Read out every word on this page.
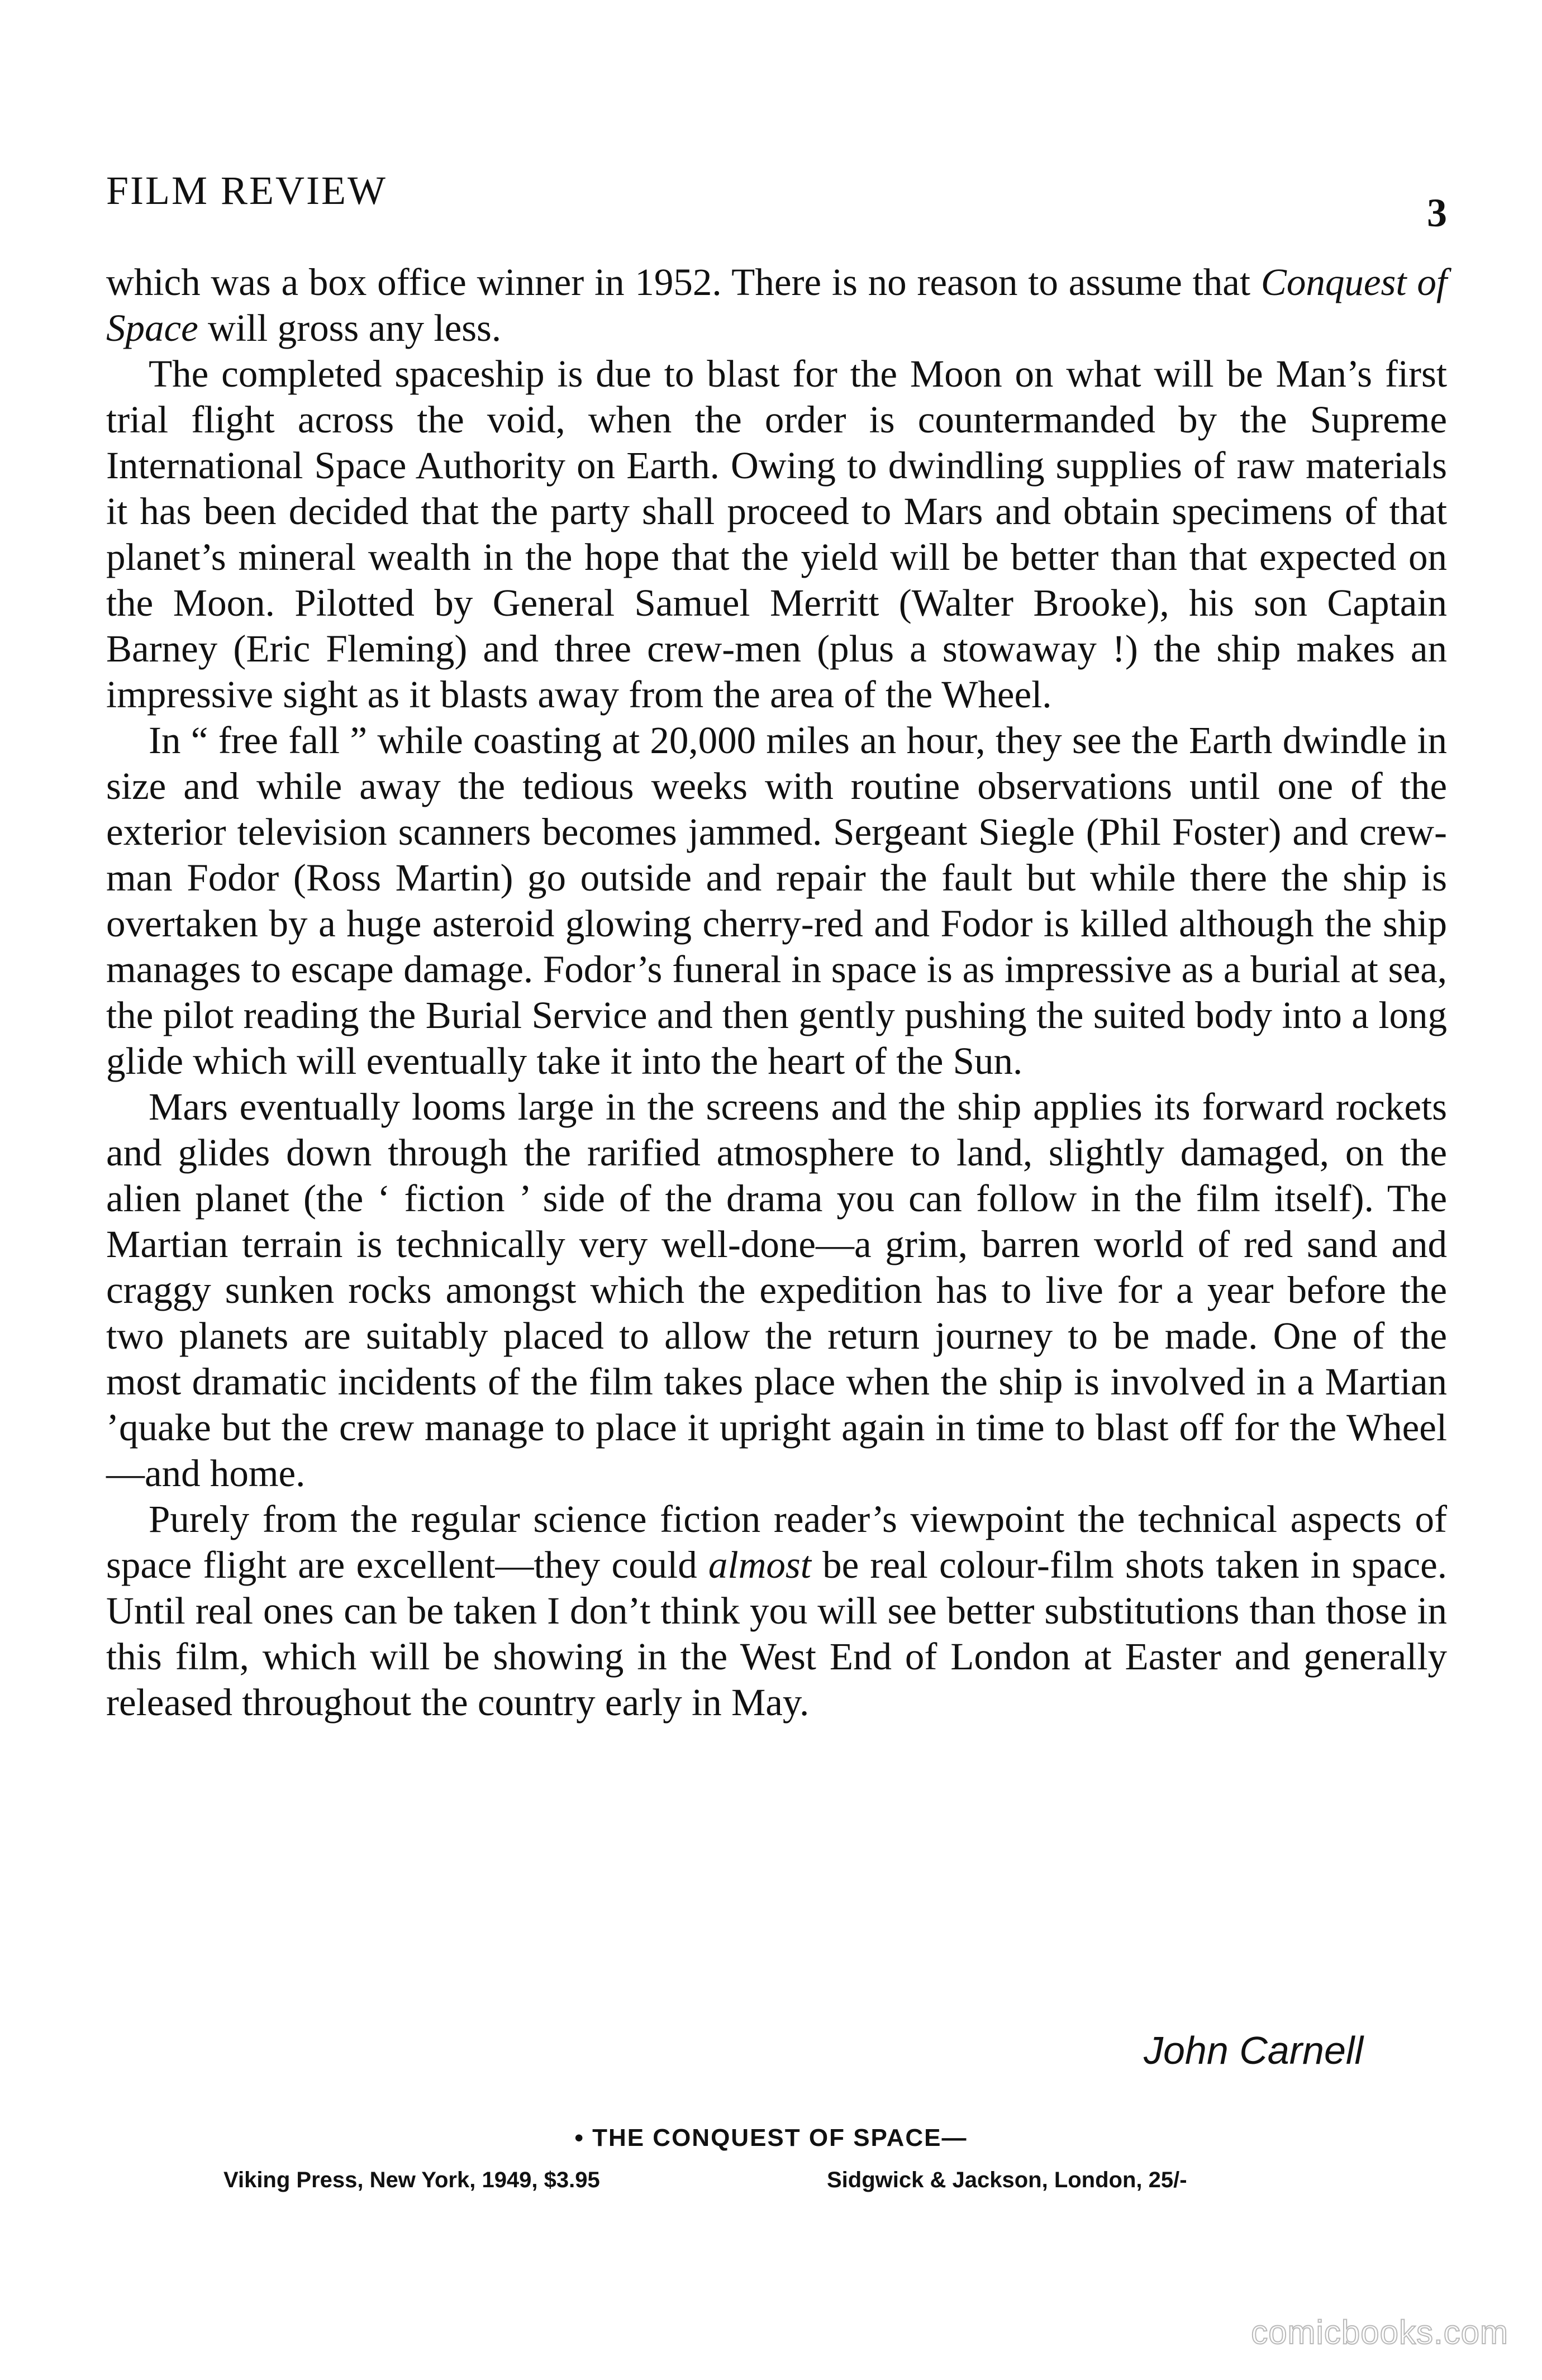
FILM REVIEW	3

which was a box office winner in 1952. There is no reason to assume that Conquest of Space will gross any less.

The completed spaceship is due to blast for the Moon on what will be Man’s first trial flight across the void, when the order is countermanded by the Supreme International Space Authority on Earth. Owing to dwindling supplies of raw materials it has been decided that the party shall proceed to Mars and obtain specimens of that planet’s mineral wealth in the hope that the yield will be better than that expected on the Moon. Pilotted by General Samuel Merritt (Walter Brooke), his son Captain Barney (Eric Fleming) and three crew-men (plus a stowaway !) the ship makes an impressive sight as it blasts away from the area of the Wheel.

In “ free fall ” while coasting at 20,000 miles an hour, they see the Earth dwindle in size and while away the tedious weeks with routine observations until one of the exterior television scanners becomes jammed. Sergeant Siegle (Phil Foster) and crew-man Fodor (Ross Martin) go outside and repair the fault but while there the ship is overtaken by a huge asteroid glowing cherry-red and Fodor is killed although the ship manages to escape damage. Fodor’s funeral in space is as impressive as a burial at sea, the pilot reading the Burial Service and then gently pushing the suited body into a long glide which will eventually take it into the heart of the Sun.

Mars eventually looms large in the screens and the ship applies its forward rockets and glides down through the rarified atmosphere to land, slightly damaged, on the alien planet (the ‘ fiction ’ side of the drama you can follow in the film itself). The Martian terrain is technically very well-done—a grim, barren world of red sand and craggy sunken rocks amongst which the expedition has to live for a year before the two planets are suitably placed to allow the return journey to be made. One of the most dramatic incidents of the film takes place when the ship is involved in a Martian ’quake but the crew manage to place it upright again in time to blast off for the Wheel—and home.

Purely from the regular science fiction reader’s viewpoint the technical aspects of space flight are excellent—they could almost be real colour-film shots taken in space. Until real ones can be taken I don’t think you will see better substitutions than those in this film, which will be showing in the West End of London at Easter and generally released throughout the country early in May.

John Carnell
• THE CONQUEST OF SPACE—
Viking Press, New York, 1949, $3.95	Sidgwick & Jackson, London, 25/-
comicbooks.com
